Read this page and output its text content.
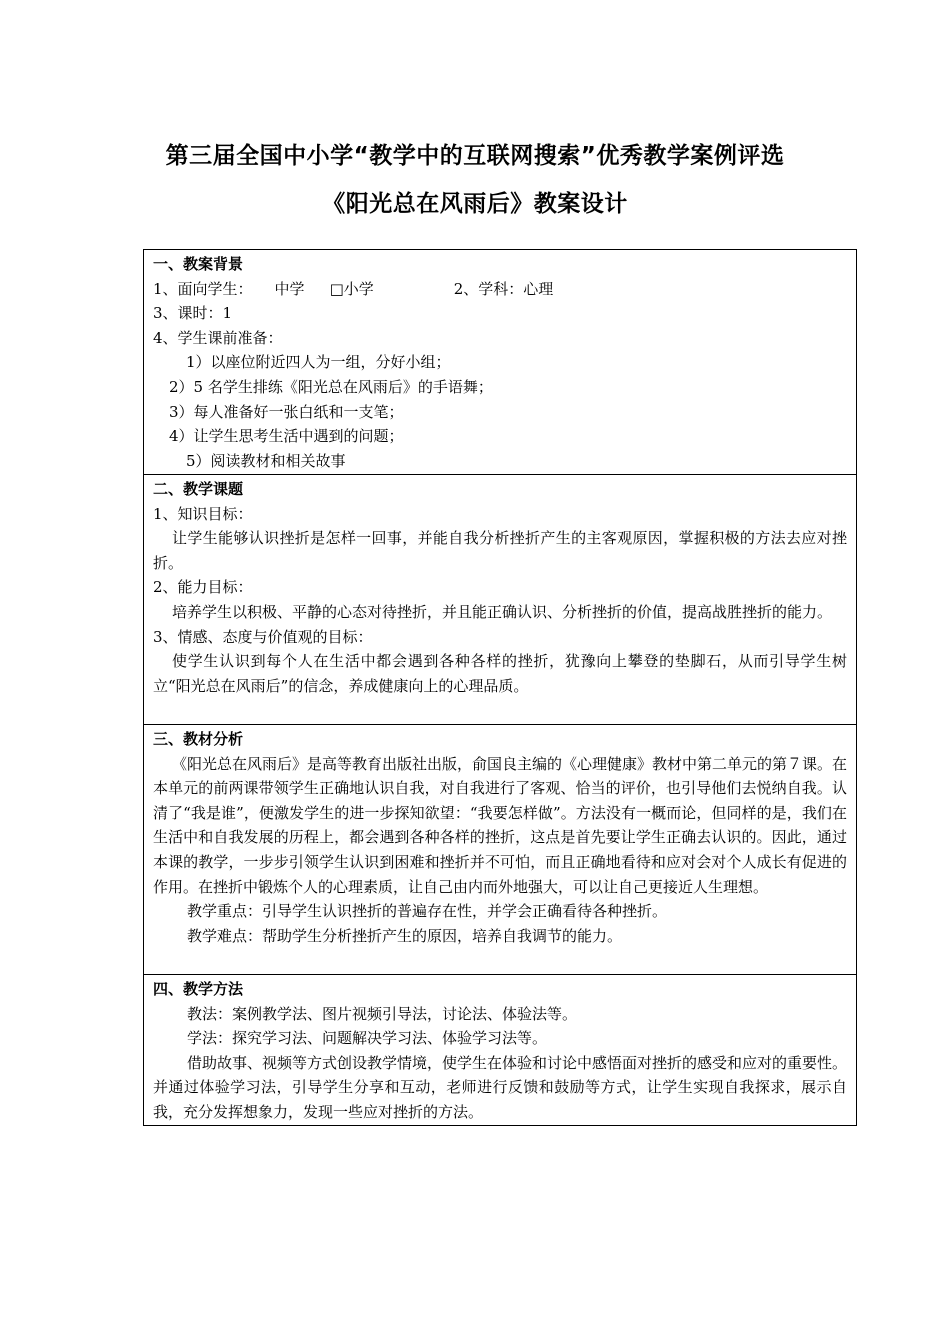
第三届全国中小学“教学中的互联网搜索”优秀教学案例评选
《阳光总在风雨后》教案设计
一、教案背景
1、面向学生： 中学 □小学	2、学科：心理
3、课时：1
4、学生课前准备：
1）以座位附近四人为一组，分好小组；
2）5 名学生排练《阳光总在风雨后》的手语舞；
3）每人准备好一张白纸和一支笔；
4）让学生思考生活中遇到的问题；
5）阅读教材和相关故事

二、教学课题
1、知识目标：
让学生能够认识挫折是怎样一回事，并能自我分析挫折产生的主客观原因，掌握积极的方法去应对挫折。
2、能力目标：
培养学生以积极、平静的心态对待挫折，并且能正确认识、分析挫折的价值，提高战胜挫折的能力。
3、情感、态度与价值观的目标：
使学生认识到每个人在生活中都会遇到各种各样的挫折，犹豫向上攀登的垫脚石，从而引导学生树立“阳光总在风雨后”的信念，养成健康向上的心理品质。

三、教材分析
《阳光总在风雨后》是高等教育出版社出版，俞国良主编的《心理健康》教材中第二单元的第７课。在本单元的前两课带领学生正确地认识自我，对自我进行了客观、恰当的评价，也引导他们去悦纳自我。认清了“我是谁”，便激发学生的进一步探知欲望：“我要怎样做”。方法没有一概而论，但同样的是，我们在生活中和自我发展的历程上，都会遇到各种各样的挫折，这点是首先要让学生正确去认识的。因此，通过本课的教学，一步步引领学生认识到困难和挫折并不可怕，而且正确地看待和应对会对个人成长有促进的作用。在挫折中锻炼个人的心理素质，让自己由内而外地强大，可以让自己更接近人生理想。
教学重点：引导学生认识挫折的普遍存在性，并学会正确看待各种挫折。
教学难点：帮助学生分析挫折产生的原因，培养自我调节的能力。

四、教学方法
教法：案例教学法、图片视频引导法，讨论法、体验法等。
学法：探究学习法、问题解决学习法、体验学习法等。
借助故事、视频等方式创设教学情境，使学生在体验和讨论中感悟面对挫折的感受和应对的重要性。并通过体验学习法，引导学生分享和互动，老师进行反馈和鼓励等方式，让学生实现自我探求，展示自我，充分发挥想象力，发现一些应对挫折的方法。
